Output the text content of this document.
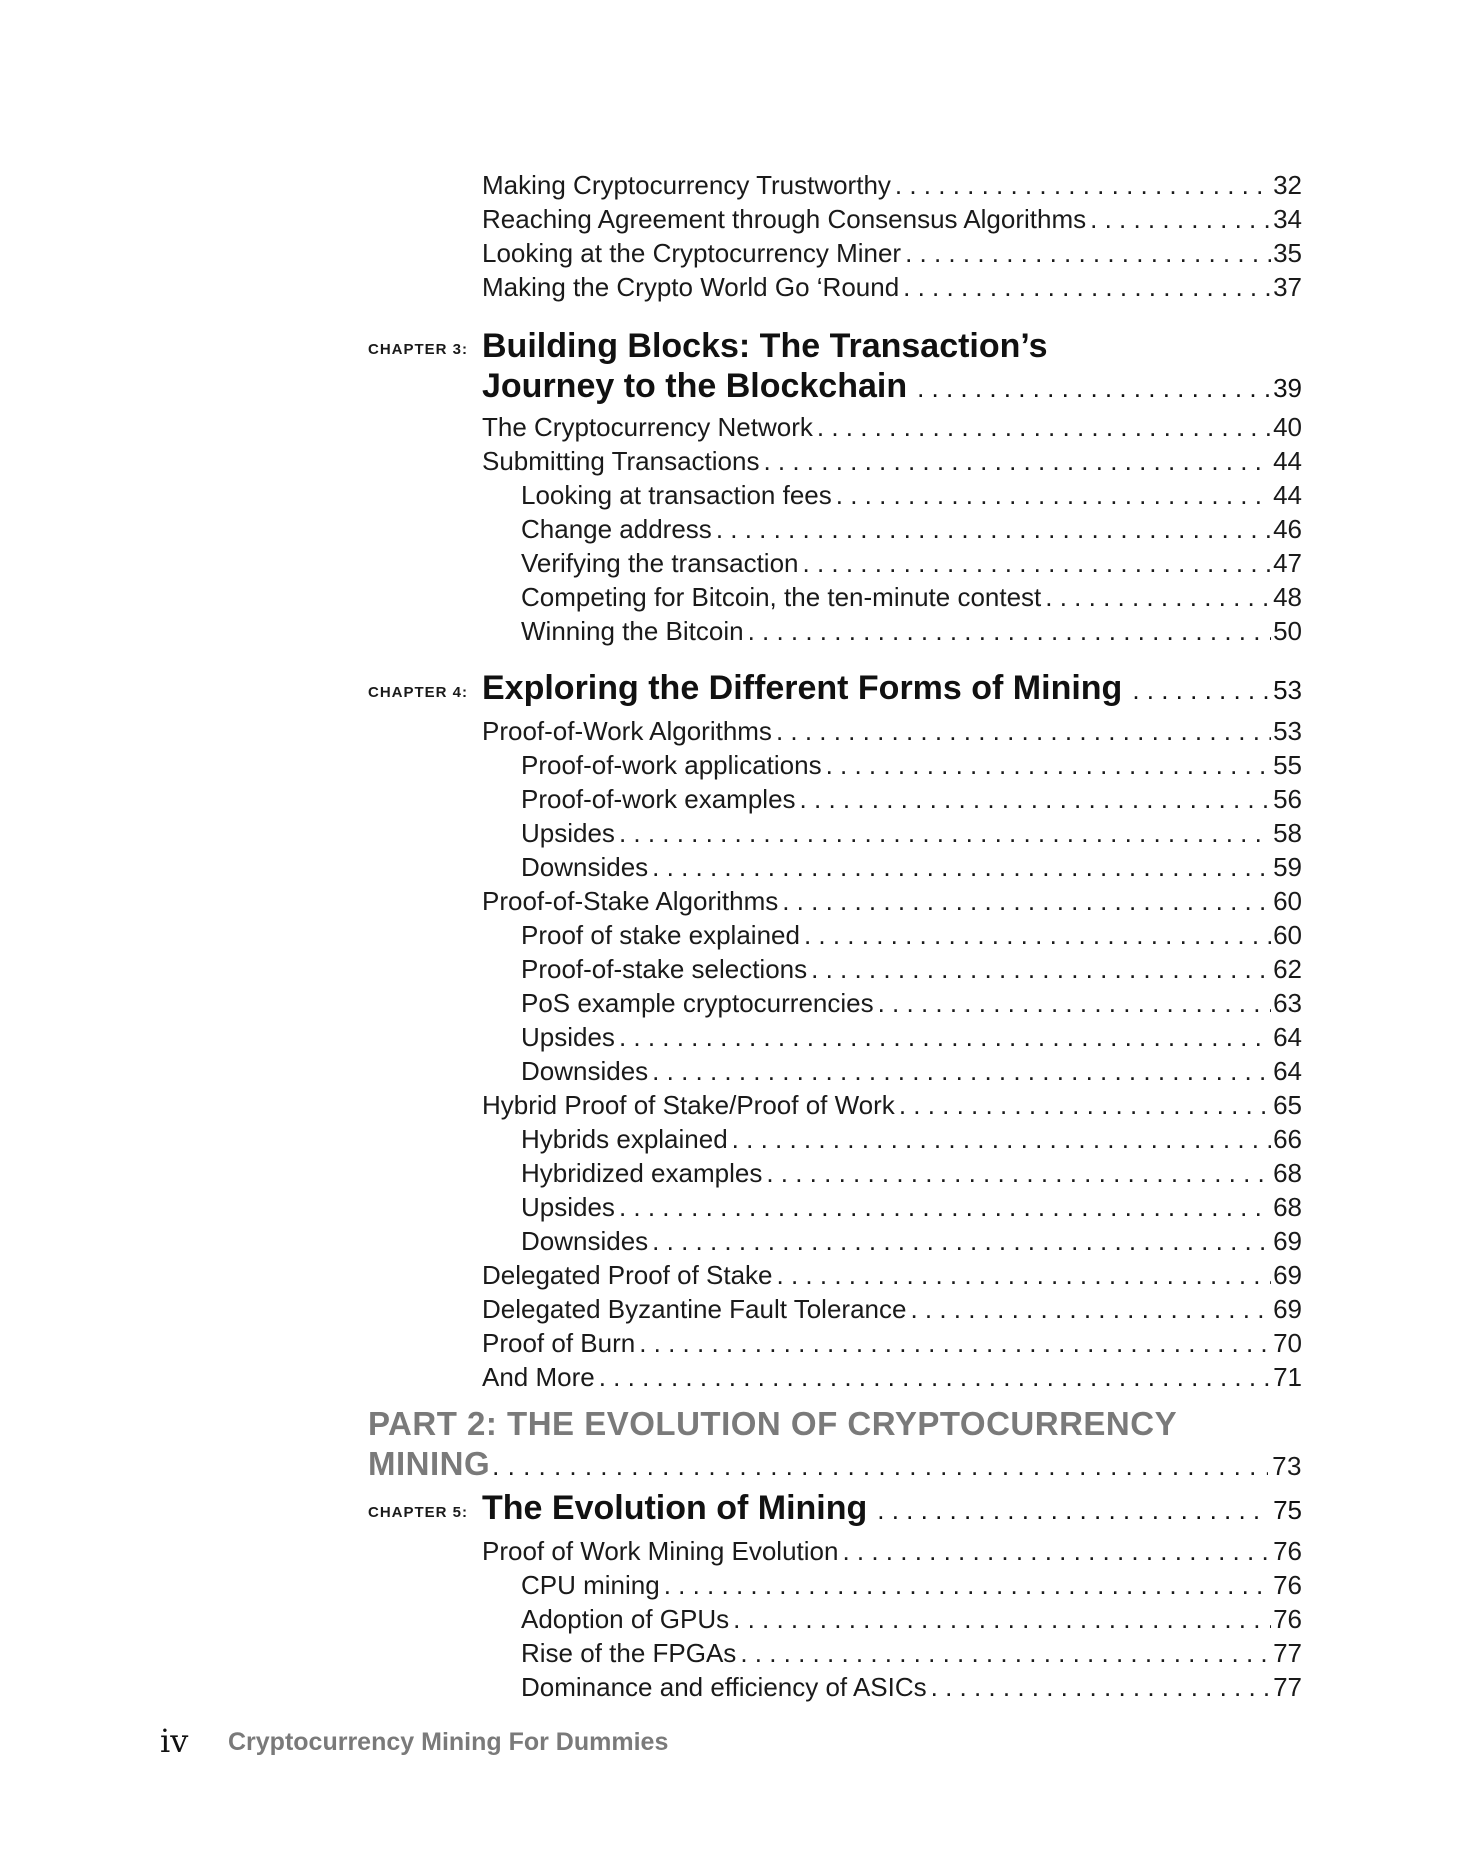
Making Cryptocurrency Trustworthy . . .	32
Reaching Agreement through Consensus Algorithms . . .	34
Looking at the Cryptocurrency Miner . . .	35
Making the Crypto World Go ‘Round . . .	37
CHAPTER 3: Building Blocks: The Transaction’s
Journey to the Blockchain . . .	39
The Cryptocurrency Network . . .	40
Submitting Transactions . . .	44
Looking at transaction fees . . .	44
Change address . . .	46
Verifying the transaction . . .	47
Competing for Bitcoin, the ten-minute contest . . .	48
Winning the Bitcoin . . .	50
CHAPTER 4: Exploring the Different Forms of Mining . . .	53
Proof-of-Work Algorithms . . .	53
Proof-of-work applications . . .	55
Proof-of-work examples . . .	56
Upsides . . .	58
Downsides . . .	59
Proof-of-Stake Algorithms . . .	60
Proof of stake explained . . .	60
Proof-of-stake selections . . .	62
PoS example cryptocurrencies . . .	63
Upsides . . .	64
Downsides . . .	64
Hybrid Proof of Stake/Proof of Work . . .	65
Hybrids explained . . .	66
Hybridized examples . . .	68
Upsides . . .	68
Downsides . . .	69
Delegated Proof of Stake . . .	69
Delegated Byzantine Fault Tolerance . . .	69
Proof of Burn . . .	70
And More . . .	71
PART 2: THE EVOLUTION OF CRYPTOCURRENCY
MINING . . .	73
CHAPTER 5: The Evolution of Mining . . .	75
Proof of Work Mining Evolution . . .	76
CPU mining . . .	76
Adoption of GPUs . . .	76
Rise of the FPGAs . . .	77
Dominance and efficiency of ASICs . . .	77
iv Cryptocurrency Mining For Dummies
